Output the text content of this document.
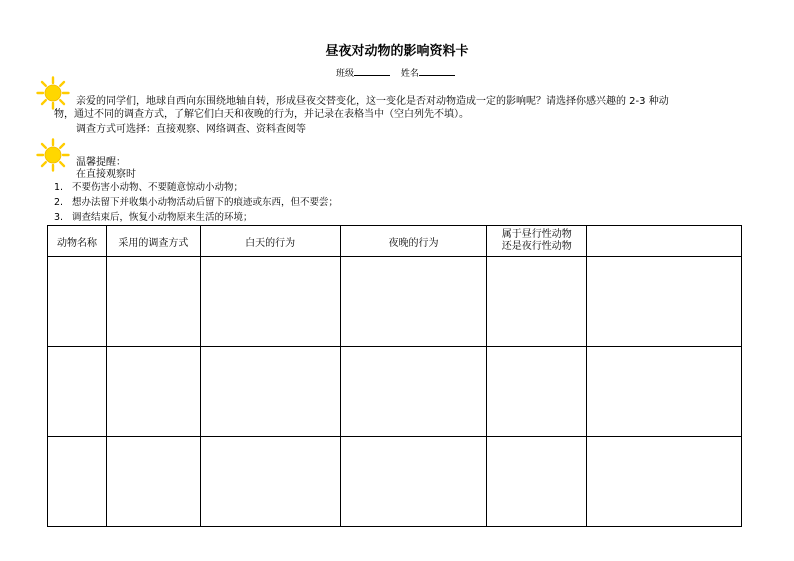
昼夜对动物的影响资料卡
班级	姓名
亲爱的同学们，地球自西向东围绕地轴自转，形成昼夜交替变化，这一变化是否对动物造成一定的影响呢？请选择你感兴趣的 2-3 种动
物，通过不同的调查方式，了解它们白天和夜晚的行为，并记录在表格当中（空白列先不填）。
调查方式可选择：直接观察、网络调查、资料查阅等
温馨提醒：
在直接观察时
1. 不要伤害小动物、不要随意惊动小动物；
2. 想办法留下并收集小动物活动后留下的痕迹或东西，但不要尝；
3. 调查结束后，恢复小动物原来生活的环境；
动物名称	采用的调查方式	白天的行为	夜晚的行为	属于昼行性动物
还是夜行性动物	
